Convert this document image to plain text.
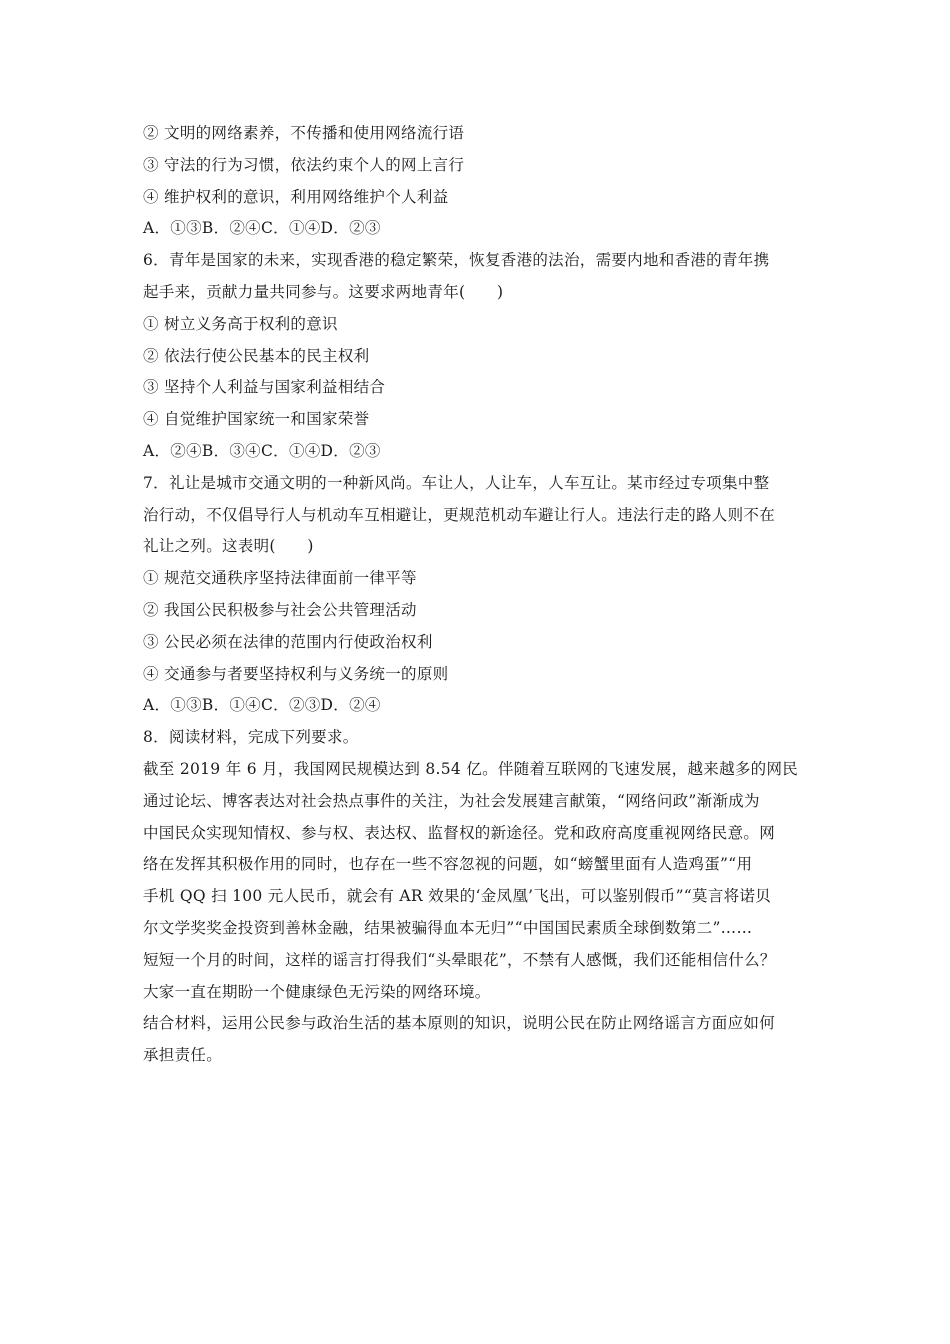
② 文明的网络素养，不传播和使用网络流行语
③ 守法的行为习惯，依法约束个人的网上言行
④ 维护权利的意识，利用网络维护个人利益
A．①③B．②④C．①④D．②③
6．青年是国家的未来，实现香港的稳定繁荣，恢复香港的法治，需要内地和香港的青年携
起手来，贡献力量共同参与。这要求两地青年(　　)
① 树立义务高于权利的意识
② 依法行使公民基本的民主权利
③ 坚持个人利益与国家利益相结合
④ 自觉维护国家统一和国家荣誉
A．②④B．③④C．①④D．②③
7．礼让是城市交通文明的一种新风尚。车让人，人让车，人车互让。某市经过专项集中整
治行动，不仅倡导行人与机动车互相避让，更规范机动车避让行人。违法行走的路人则不在
礼让之列。这表明(　　)
① 规范交通秩序坚持法律面前一律平等
② 我国公民积极参与社会公共管理活动
③ 公民必须在法律的范围内行使政治权利
④ 交通参与者要坚持权利与义务统一的原则
A．①③B．①④C．②③D．②④
8．阅读材料，完成下列要求。
截至 2019 年 6 月，我国网民规模达到 8.54 亿。伴随着互联网的飞速发展，越来越多的网民
通过论坛、博客表达对社会热点事件的关注，为社会发展建言献策，“网络问政”渐渐成为
中国民众实现知情权、参与权、表达权、监督权的新途径。党和政府高度重视网络民意。网
络在发挥其积极作用的同时，也存在一些不容忽视的问题，如“螃蟹里面有人造鸡蛋”“用
手机 QQ 扫 100 元人民币，就会有 AR 效果的‘金凤凰’飞出，可以鉴别假币”“莫言将诺贝
尔文学奖奖金投资到善林金融，结果被骗得血本无归”“中国国民素质全球倒数第二”……
短短一个月的时间，这样的谣言打得我们“头晕眼花”，不禁有人感慨，我们还能相信什么？
大家一直在期盼一个健康绿色无污染的网络环境。
结合材料，运用公民参与政治生活的基本原则的知识，说明公民在防止网络谣言方面应如何
承担责任。
